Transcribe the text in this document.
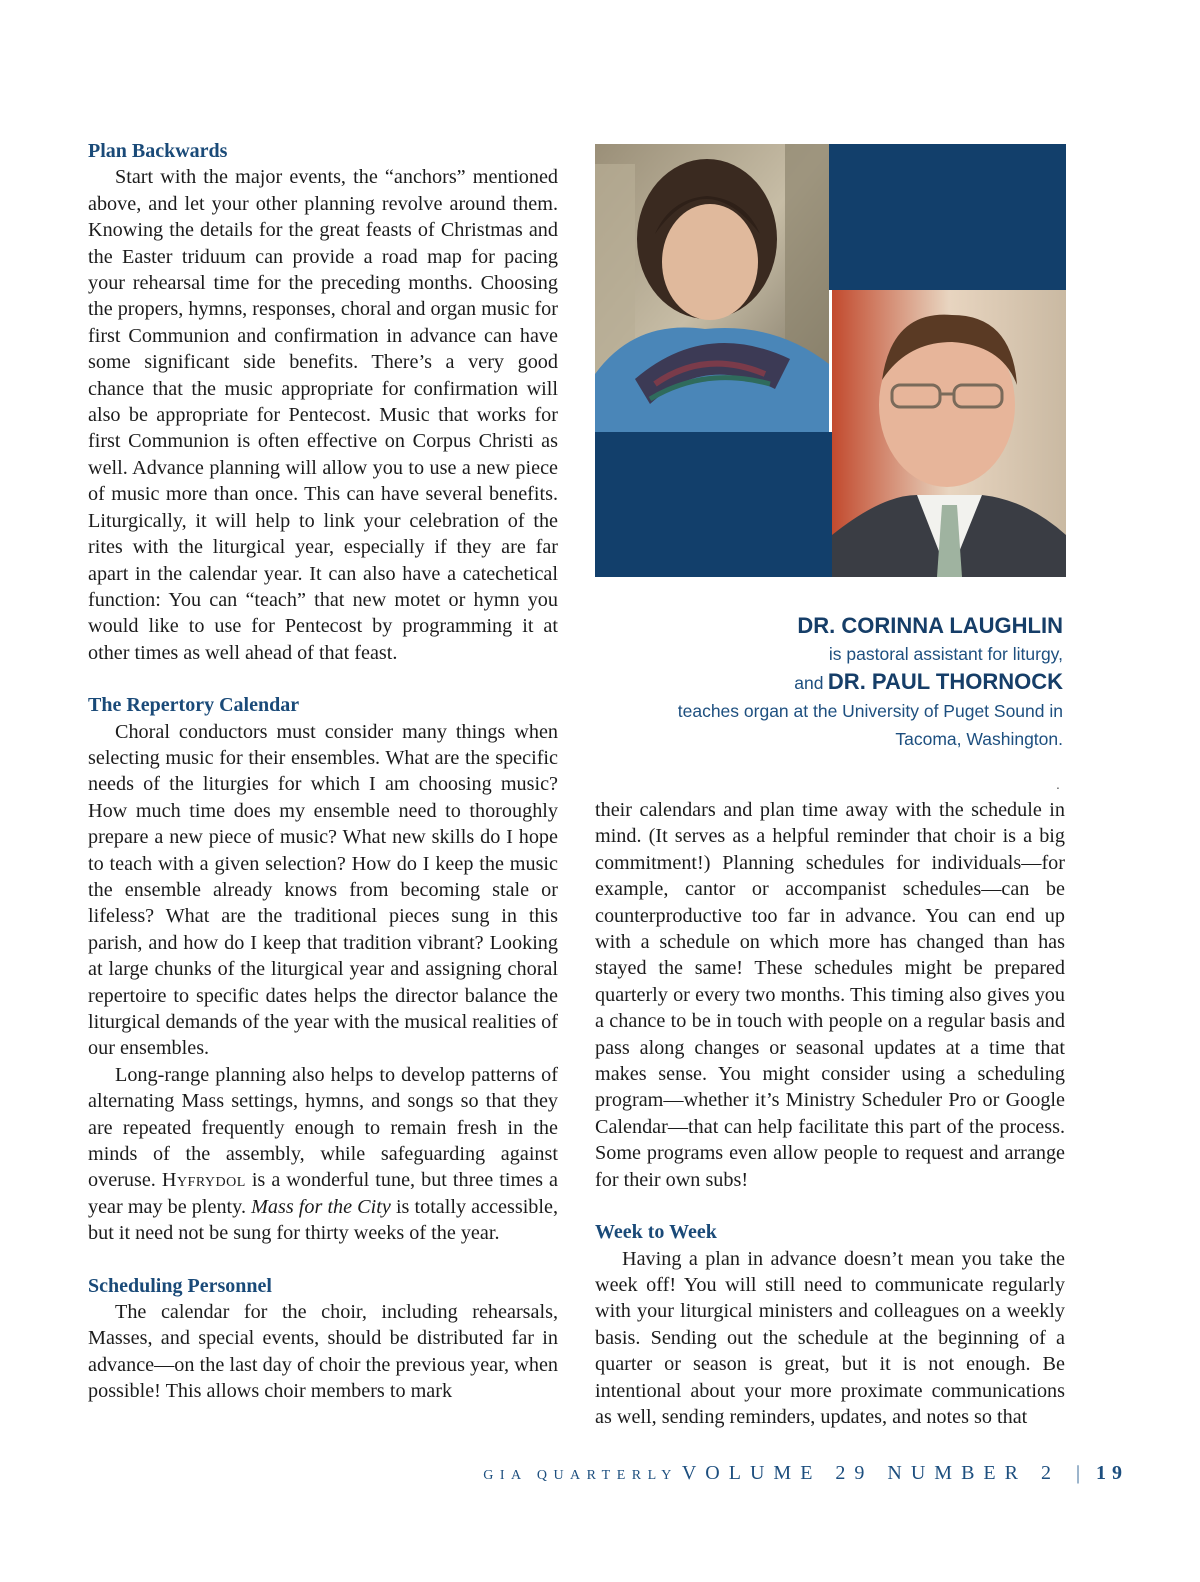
Plan Backwards

Start with the major events, the “anchors” mentioned above, and let your other planning revolve around them. Knowing the details for the great feasts of Christmas and the Easter triduum can provide a road map for pacing your rehearsal time for the preceding months. Choosing the propers, hymns, responses, choral and organ music for first Communion and confirmation in advance can have some significant side benefits. There’s a very good chance that the music appropriate for confirmation will also be appropriate for Pentecost. Music that works for first Communion is often effective on Corpus Christi as well. Advance planning will allow you to use a new piece of music more than once. This can have several benefits. Liturgically, it will help to link your celebration of the rites with the liturgical year, especially if they are far apart in the calendar year. It can also have a catechetical function: You can “teach” that new motet or hymn you would like to use for Pentecost by programming it at other times as well ahead of that feast.

The Repertory Calendar

Choral conductors must consider many things when selecting music for their ensembles. What are the specific needs of the liturgies for which I am choosing music? How much time does my ensemble need to thoroughly prepare a new piece of music? What new skills do I hope to teach with a given selection? How do I keep the music the ensemble already knows from becoming stale or lifeless? What are the traditional pieces sung in this parish, and how do I keep that tradition vibrant? Looking at large chunks of the liturgical year and assigning choral repertoire to specific dates helps the director balance the liturgical demands of the year with the musical realities of our ensembles.

Long-range planning also helps to develop patterns of alternating Mass settings, hymns, and songs so that they are repeated frequently enough to remain fresh in the minds of the assembly, while safeguarding against overuse. Hyfrydol is a wonderful tune, but three times a year may be plenty. Mass for the City is totally accessible, but it need not be sung for thirty weeks of the year.

Scheduling Personnel

The calendar for the choir, including rehearsals, Masses, and special events, should be distributed far in advance—on the last day of choir the previous year, when possible! This allows choir members to mark

DR. CORINNA LAUGHLIN
is pastoral assistant for liturgy,
and DR. PAUL THORNOCK
teaches organ at the University of Puget Sound in
Tacoma, Washington.
.

their calendars and plan time away with the schedule in mind. (It serves as a helpful reminder that choir is a big commitment!) Planning schedules for individuals—for example, cantor or accompanist schedules—can be counterproductive too far in advance. You can end up with a schedule on which more has changed than has stayed the same! These schedules might be prepared quarterly or every two months. This timing also gives you a chance to be in touch with people on a regular basis and pass along changes or seasonal updates at a time that makes sense. You might consider using a scheduling program—whether it’s Ministry Scheduler Pro or Google Calendar—that can help facilitate this part of the process. Some programs even allow people to request and arrange for their own subs!

Week to Week

Having a plan in advance doesn’t mean you take the week off! You will still need to communicate regularly with your liturgical ministers and colleagues on a weekly basis. Sending out the schedule at the beginning of a quarter or season is great, but it is not enough. Be intentional about your more proximate communications as well, sending reminders, updates, and notes so that

GIA QUARTERLY VOLUME 29 NUMBER 2 | 19
